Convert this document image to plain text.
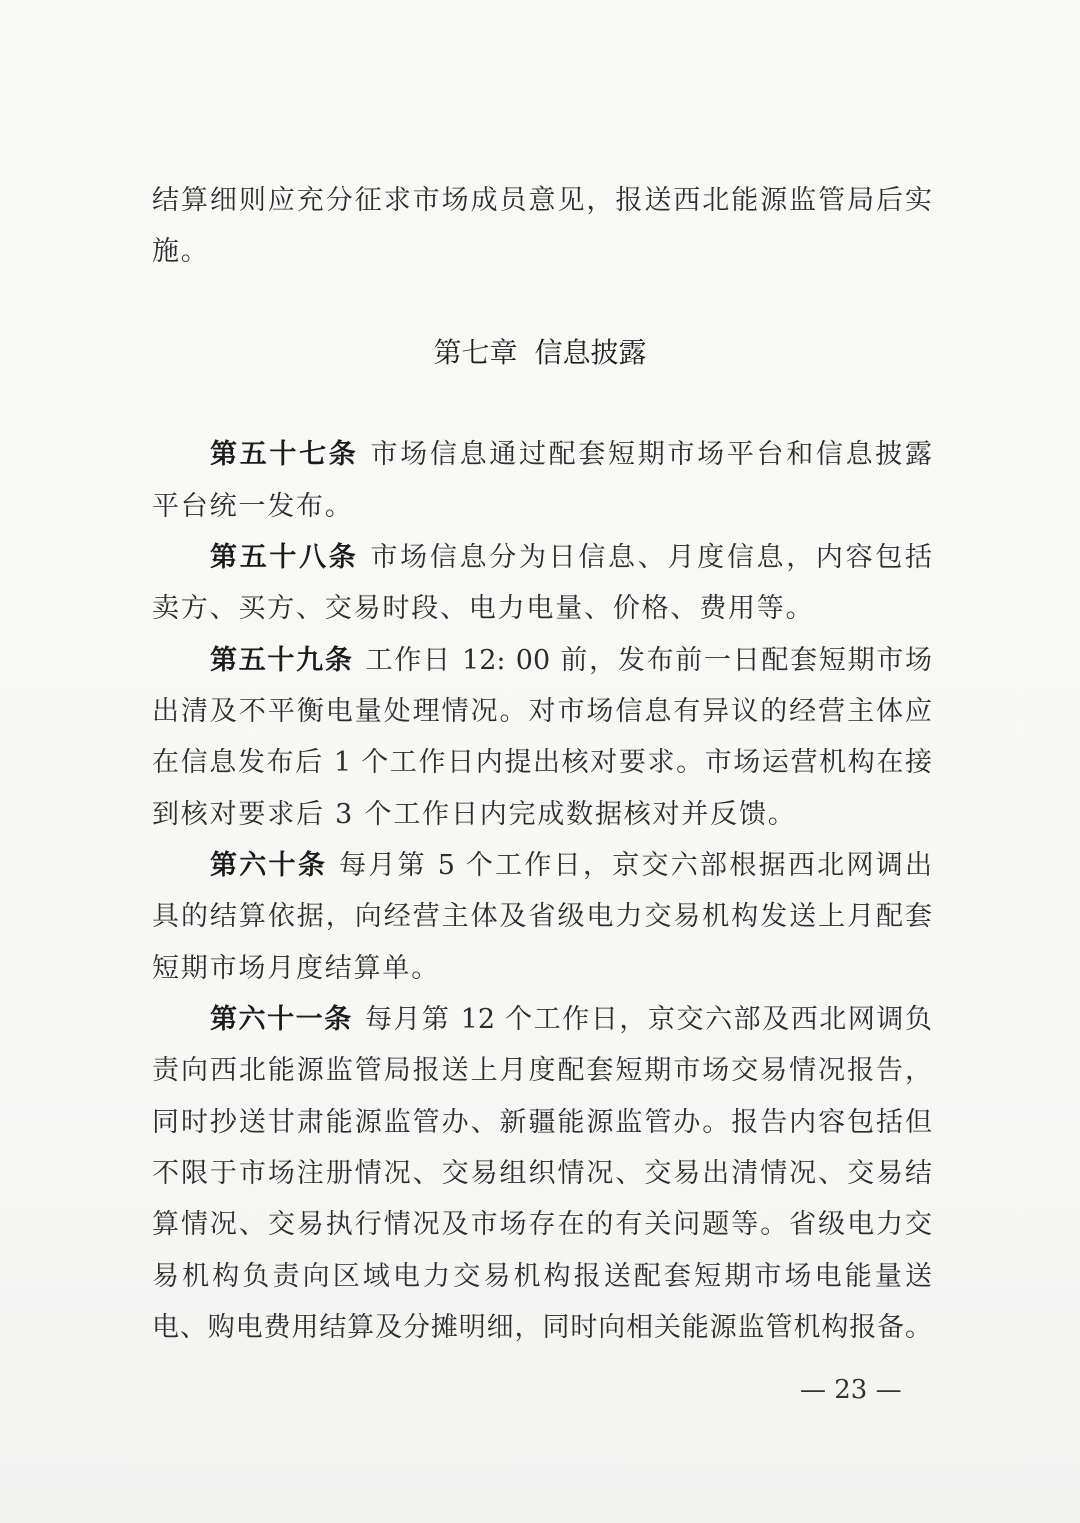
结算细则应充分征求市场成员意见，报送西北能源监管局后实
施。
第七章 信息披露
第五十七条 市场信息通过配套短期市场平台和信息披露
平台统一发布。
第五十八条 市场信息分为日信息、月度信息，内容包括
卖方、买方、交易时段、电力电量、价格、费用等。
第五十九条 工作日 12: 00 前，发布前一日配套短期市场
出清及不平衡电量处理情况。对市场信息有异议的经营主体应
在信息发布后 1 个工作日内提出核对要求。市场运营机构在接
到核对要求后 3 个工作日内完成数据核对并反馈。
第六十条 每月第 5 个工作日，京交六部根据西北网调出
具的结算依据，向经营主体及省级电力交易机构发送上月配套
短期市场月度结算单。
第六十一条 每月第 12 个工作日，京交六部及西北网调负
责向西北能源监管局报送上月度配套短期市场交易情况报告，
同时抄送甘肃能源监管办、新疆能源监管办。报告内容包括但
不限于市场注册情况、交易组织情况、交易出清情况、交易结
算情况、交易执行情况及市场存在的有关问题等。省级电力交
易机构负责向区域电力交易机构报送配套短期市场电能量送
电、购电费用结算及分摊明细，同时向相关能源监管机构报备。
— 23 —
